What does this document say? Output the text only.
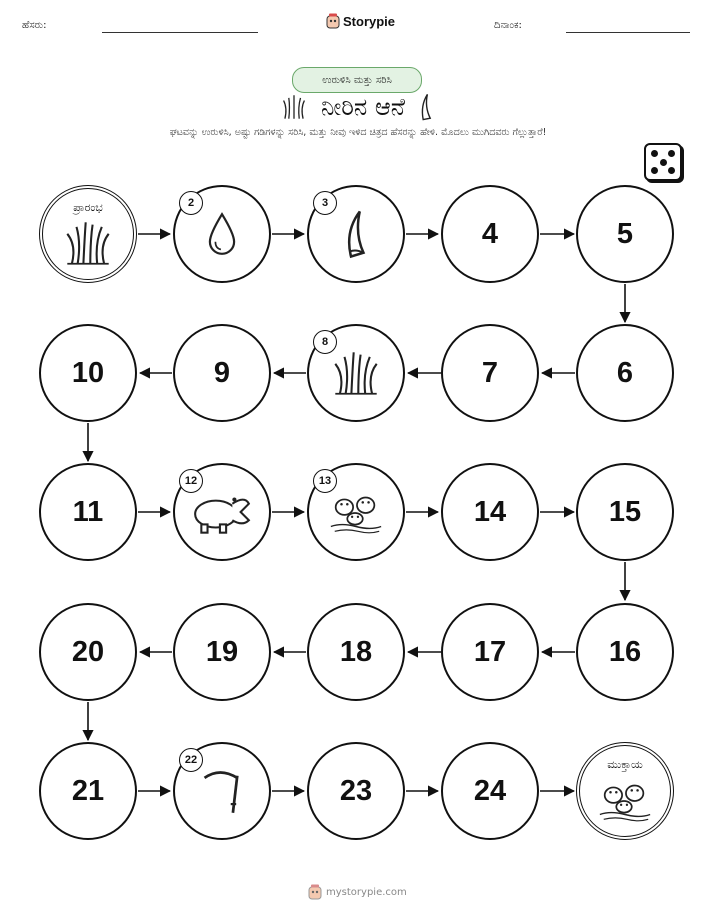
ಹೆಸರು:	Storypie	ದಿನಾಂಕ:
ಉರುಳಿಸಿ ಮತ್ತು ಸರಿಸಿ
ನೀರಿನ ಆನೆ
ಘಟವನ್ನು ಉರುಳಿಸಿ, ಅಷ್ಟು ಗಡಿಗಳನ್ನು ಸರಿಸಿ, ಮತ್ತು ನೀವು ಇಳಿದ ಚಿತ್ರದ ಹೆಸರನ್ನು ಹೇಳಿ. ಮೊದಲು ಮುಗಿದವರು ಗೆಲ್ಲುತ್ತಾರೆ!
ಪ್ರಾರಂಭ	2	3
4	5
6
7
8
9
10
11
12	13
14	15
16
17
18
19
20
21
22
23	24
ಮುಕ್ತಾಯ
mystorypie.com
